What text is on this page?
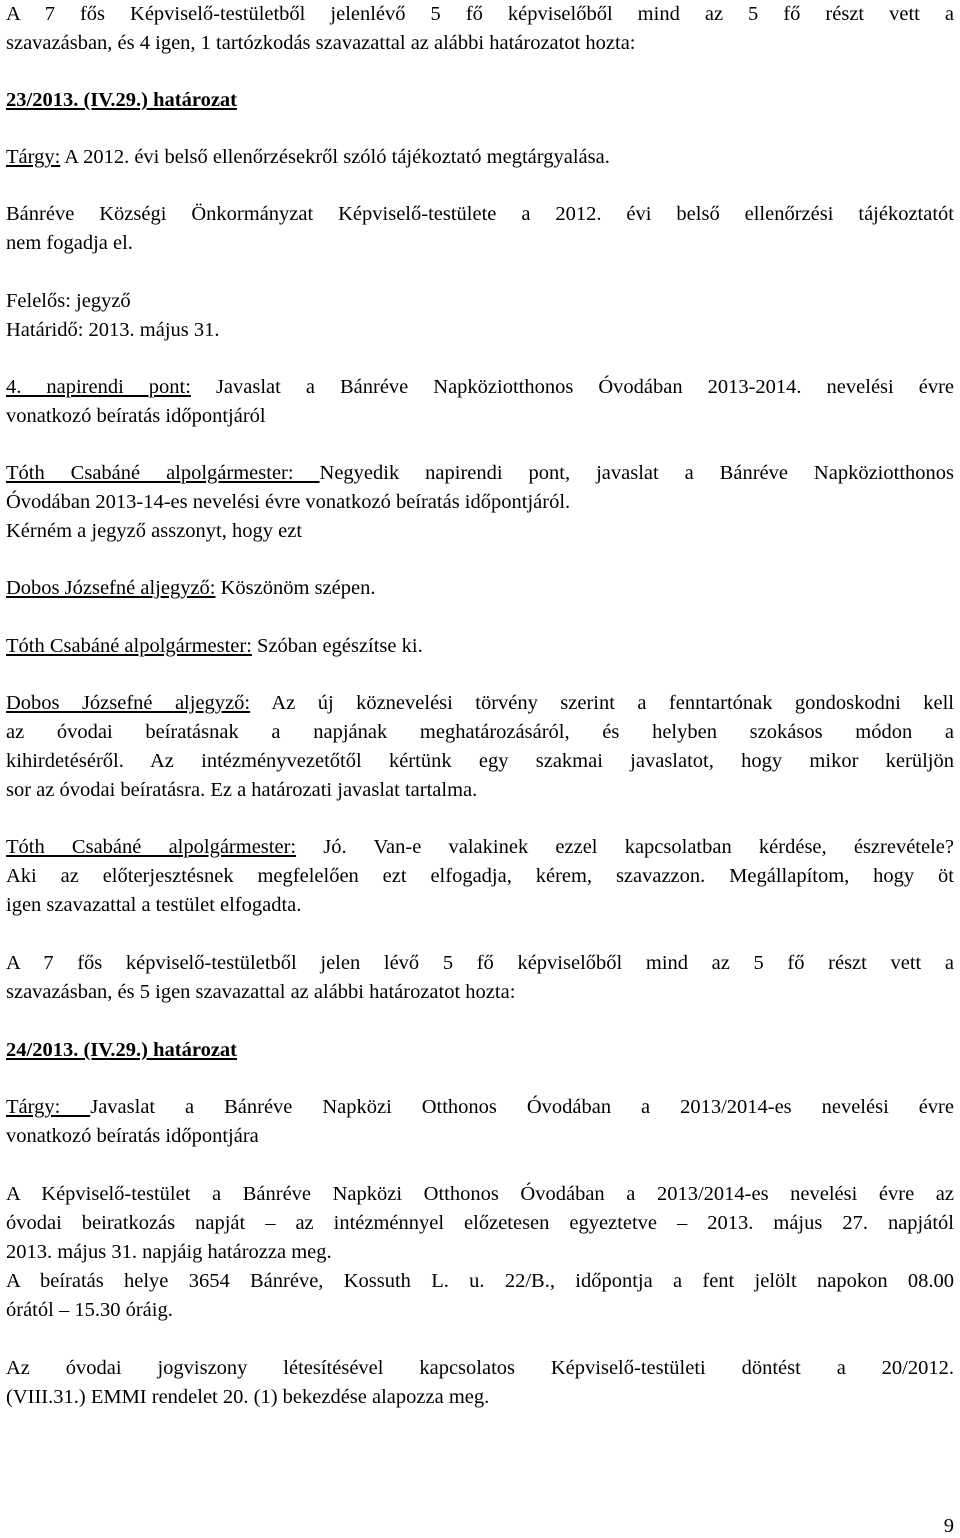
A 7 fős Képviselő-testületből jelenlévő 5 fő képviselőből mind az 5 fő részt vett a
szavazásban, és 4 igen, 1 tartózkodás szavazattal az alábbi határozatot hozta:
23/2013. (IV.29.) határozat
Tárgy: A 2012. évi belső ellenőrzésekről szóló tájékoztató megtárgyalása.
Bánréve Községi Önkormányzat Képviselő-testülete a 2012. évi belső ellenőrzési tájékoztatót
nem fogadja el.
Felelős: jegyző
Határidő: 2013. május 31.
4. napirendi pont: Javaslat a Bánréve Napköziotthonos Óvodában 2013-2014. nevelési évre
vonatkozó beíratás időpontjáról
Tóth Csabáné alpolgármester: Negyedik napirendi pont, javaslat a Bánréve Napköziotthonos
Óvodában 2013-14-es nevelési évre vonatkozó beíratás időpontjáról.
Kérném a jegyző asszonyt, hogy ezt
Dobos Józsefné aljegyző: Köszönöm szépen.
Tóth Csabáné alpolgármester: Szóban egészítse ki.
Dobos Józsefné aljegyző: Az új köznevelési törvény szerint a fenntartónak gondoskodni kell
az óvodai beíratásnak a napjának meghatározásáról, és helyben szokásos módon a
kihirdetéséről. Az intézményvezetőtől kértünk egy szakmai javaslatot, hogy mikor kerüljön
sor az óvodai beíratásra. Ez a határozati javaslat tartalma.
Tóth Csabáné alpolgármester: Jó. Van-e valakinek ezzel kapcsolatban kérdése, észrevétele?
Aki az előterjesztésnek megfelelően ezt elfogadja, kérem, szavazzon. Megállapítom, hogy öt
igen szavazattal a testület elfogadta.
A 7 fős képviselő-testületből jelen lévő 5 fő képviselőből mind az 5 fő részt vett a
szavazásban, és 5 igen szavazattal az alábbi határozatot hozta:
24/2013. (IV.29.) határozat
Tárgy: Javaslat a Bánréve Napközi Otthonos Óvodában a 2013/2014-es nevelési évre
vonatkozó beíratás időpontjára
A Képviselő-testület a Bánréve Napközi Otthonos Óvodában a 2013/2014-es nevelési évre az
óvodai beiratkozás napját – az intézménnyel előzetesen egyeztetve – 2013. május 27. napjától
2013. május 31. napjáig határozza meg.
A beíratás helye 3654 Bánréve, Kossuth L. u. 22/B., időpontja a fent jelölt napokon 08.00
órától – 15.30 óráig.
Az óvodai jogviszony létesítésével kapcsolatos Képviselő-testületi döntést a 20/2012.
(VIII.31.) EMMI rendelet 20. (1) bekezdése alapozza meg.
9
